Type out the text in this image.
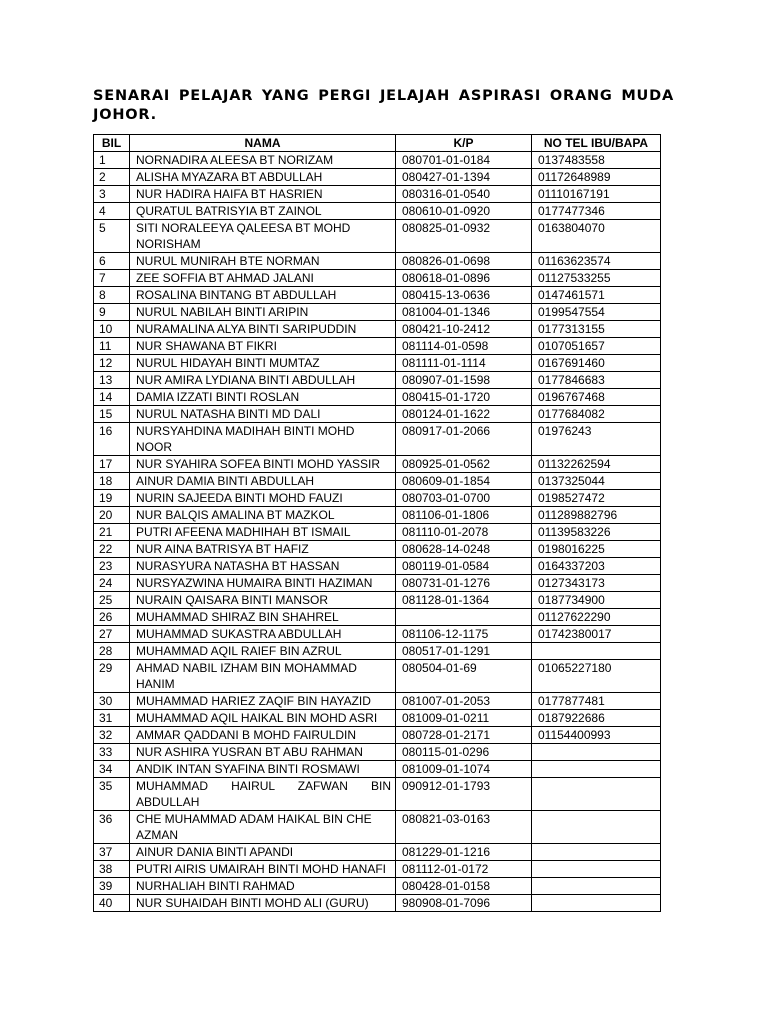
SENARAI PELAJAR YANG PERGI JELAJAH ASPIRASI ORANG MUDA JOHOR.
BIL	NAMA	K/P	NO TEL IBU/BAPA
1	NORNADIRA ALEESA BT NORIZAM	080701-01-0184	0137483558
2	ALISHA MYAZARA BT ABDULLAH	080427-01-1394	01172648989
3	NUR HADIRA HAIFA BT HASRIEN	080316-01-0540	01110167191
4	QURATUL BATRISYIA BT ZAINOL	080610-01-0920	0177477346
5	SITI NORALEEYA QALEESA BT MOHD NORISHAM	080825-01-0932	0163804070
6	NURUL MUNIRAH BTE NORMAN	080826-01-0698	01163623574
7	ZEE SOFFIA BT AHMAD JALANI	080618-01-0896	01127533255
8	ROSALINA BINTANG BT ABDULLAH	080415-13-0636	0147461571
9	NURUL NABILAH BINTI ARIPIN	081004-01-1346	0199547554
10	NURAMALINA ALYA BINTI SARIPUDDIN	080421-10-2412	0177313155
11	NUR SHAWANA BT FIKRI	081114-01-0598	0107051657
12	NURUL HIDAYAH BINTI MUMTAZ	081111-01-1114	0167691460
13	NUR AMIRA LYDIANA BINTI ABDULLAH	080907-01-1598	0177846683
14	DAMIA IZZATI BINTI ROSLAN	080415-01-1720	0196767468
15	NURUL NATASHA BINTI MD DALI	080124-01-1622	0177684082
16	NURSYAHDINA MADIHAH BINTI MOHD NOOR	080917-01-2066	01976243
17	NUR SYAHIRA SOFEA BINTI MOHD YASSIR	080925-01-0562	01132262594
18	AINUR DAMIA BINTI ABDULLAH	080609-01-1854	0137325044
19	NURIN SAJEEDA BINTI MOHD FAUZI	080703-01-0700	0198527472
20	NUR BALQIS AMALINA BT MAZKOL	081106-01-1806	011289882796
21	PUTRI AFEENA MADHIHAH BT ISMAIL	081110-01-2078	01139583226
22	NUR AINA BATRISYA BT HAFIZ	080628-14-0248	0198016225
23	NURASYURA NATASHA BT HASSAN	080119-01-0584	0164337203
24	NURSYAZWINA HUMAIRA BINTI HAZIMAN	080731-01-1276	0127343173
25	NURAIN QAISARA BINTI MANSOR	081128-01-1364	0187734900
26	MUHAMMAD SHIRAZ BIN SHAHREL		01127622290
27	MUHAMMAD SUKASTRA ABDULLAH	081106-12-1175	01742380017
28	MUHAMMAD AQIL RAIEF BIN AZRUL	080517-01-1291	
29	AHMAD NABIL IZHAM BIN MOHAMMAD HANIM	080504-01-69	01065227180
30	MUHAMMAD HARIEZ ZAQIF BIN HAYAZID	081007-01-2053	0177877481
31	MUHAMMAD AQIL HAIKAL BIN MOHD ASRI	081009-01-0211	0187922686
32	AMMAR QADDANI B MOHD FAIRULDIN	080728-01-2171	01154400993
33	NUR ASHIRA YUSRAN BT ABU RAHMAN	080115-01-0296	
34	ANDIK INTAN SYAFINA BINTI ROSMAWI	081009-01-1074	
35	MUHAMMAD HAIRUL ZAFWAN BIN ABDULLAH	090912-01-1793	
36	CHE MUHAMMAD ADAM HAIKAL BIN CHE AZMAN	080821-03-0163	
37	AINUR DANIA BINTI APANDI	081229-01-1216	
38	PUTRI AIRIS UMAIRAH BINTI MOHD HANAFI	081112-01-0172	
39	NURHALIAH BINTI RAHMAD	080428-01-0158	
40	NUR SUHAIDAH BINTI MOHD ALI (GURU)	980908-01-7096	
